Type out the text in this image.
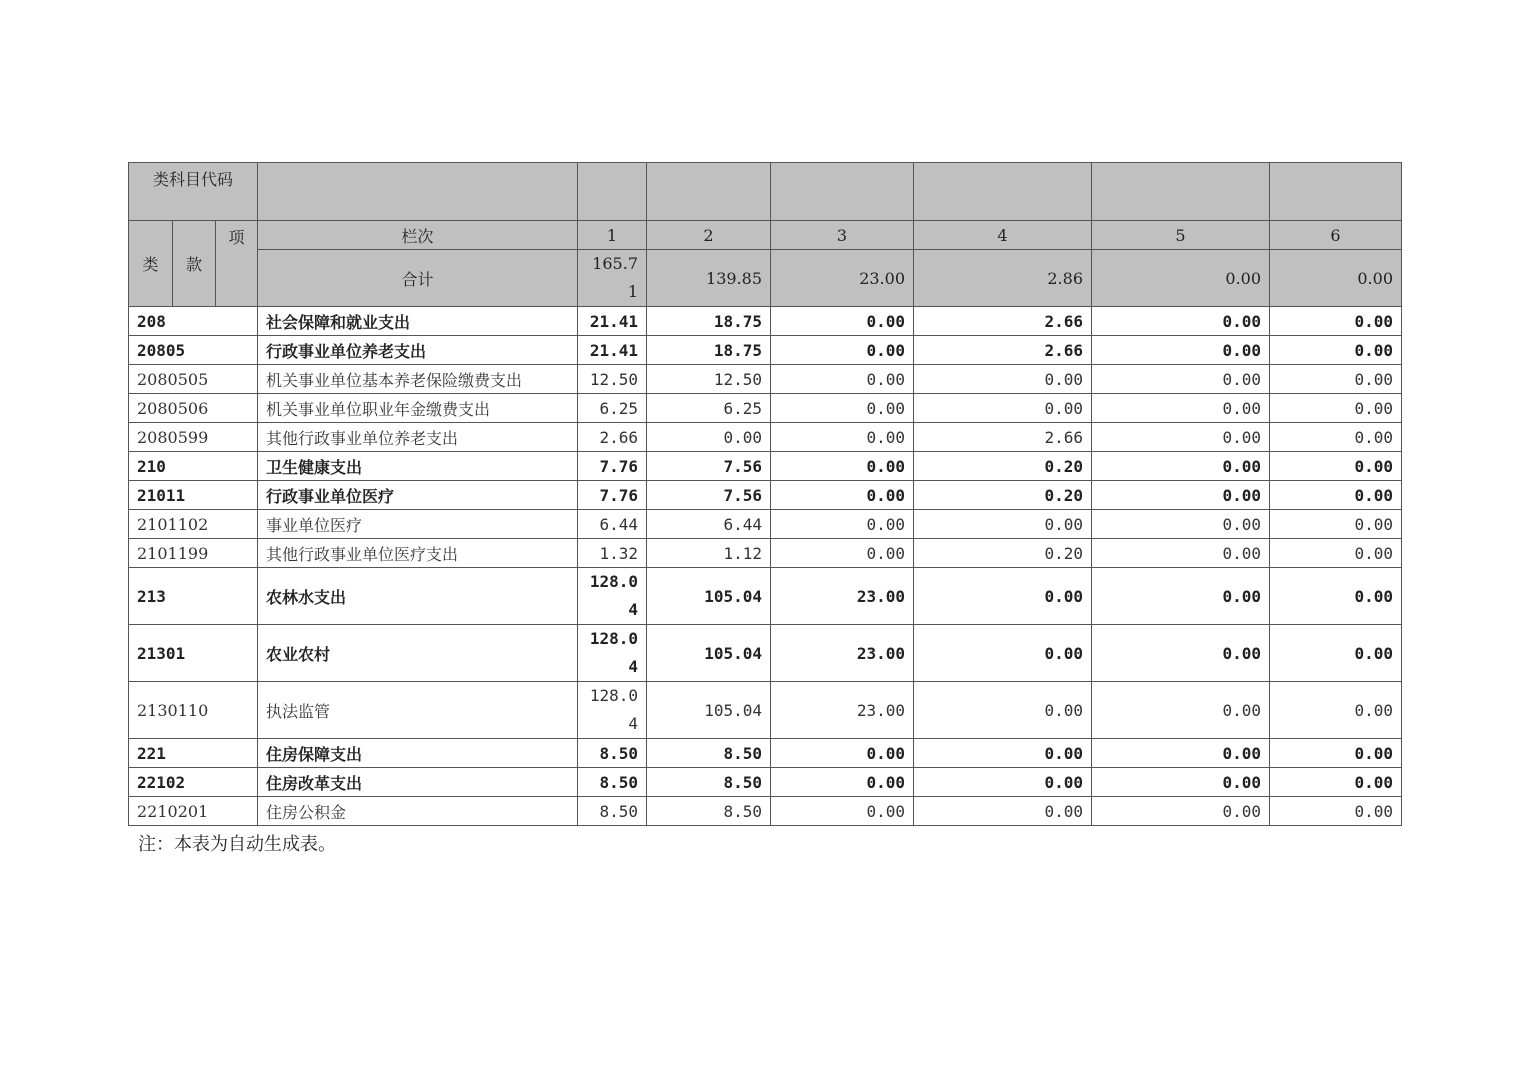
类科目代码									
类	款	项	栏次	1	2	3	4	5	6
			合计	165.71	139.85	23.00	2.86	0.00	0.00
208			社会保障和就业支出	21.41	18.75	0.00	2.66	0.00	0.00
20805			行政事业单位养老支出	21.41	18.75	0.00	2.66	0.00	0.00
2080505			机关事业单位基本养老保险缴费支出	12.50	12.50	0.00	0.00	0.00	0.00
2080506			机关事业单位职业年金缴费支出	6.25	6.25	0.00	0.00	0.00	0.00
2080599			其他行政事业单位养老支出	2.66	0.00	0.00	2.66	0.00	0.00
210			卫生健康支出	7.76	7.56	0.00	0.20	0.00	0.00
21011			行政事业单位医疗	7.76	7.56	0.00	0.20	0.00	0.00
2101102			事业单位医疗	6.44	6.44	0.00	0.00	0.00	0.00
2101199			其他行政事业单位医疗支出	1.32	1.12	0.00	0.20	0.00	0.00
213			农林水支出	128.04	105.04	23.00	0.00	0.00	0.00
21301			农业农村	128.04	105.04	23.00	0.00	0.00	0.00
2130110			执法监管	128.04	105.04	23.00	0.00	0.00	0.00
221			住房保障支出	8.50	8.50	0.00	0.00	0.00	0.00
22102			住房改革支出	8.50	8.50	0.00	0.00	0.00	0.00
2210201			住房公积金	8.50	8.50	0.00	0.00	0.00	0.00
注：本表为自动生成表。
